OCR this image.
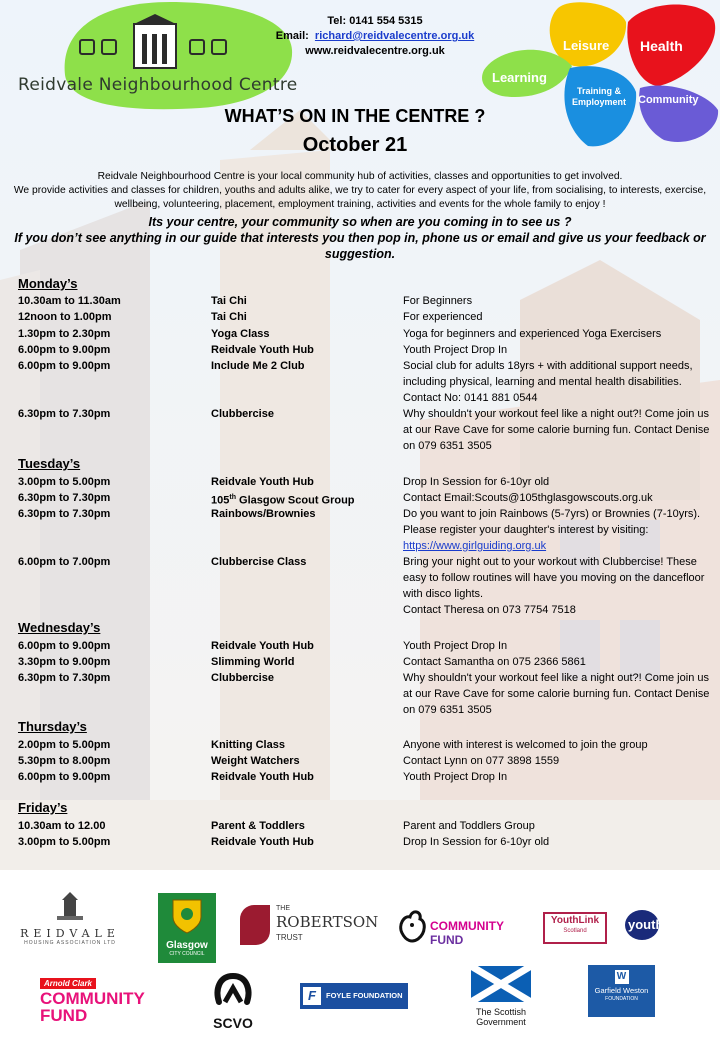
Reidvale Neighbourhood Centre
Tel: 0141 554 5315
Email: richard@reidvalecentre.org.uk
www.reidvalecentre.org.uk	Leisure Health
Learning
Training & Employment Community
WHAT’S ON IN THE CENTRE ?
October 21
Reidvale Neighbourhood Centre is your local community hub of activities, classes and opportunities to get involved.
We provide activities and classes for children, youths and adults alike, we try to cater for every aspect of your life, from socialising, to interests, exercise, wellbeing, volunteering, placement, employment training, activities and events for the whole family to enjoy !
Its your centre, your community so when are you coming in to see us ?
If you don’t see anything in our guide that interests you then pop in, phone us or email and give us your feedback or suggestion.
Monday’s
10.30am to 11.30am	Tai Chi	For Beginners
12noon to 1.00pm	Tai Chi	For experienced
1.30pm to 2.30pm	Yoga Class	Yoga for beginners and experienced Yoga Exercisers
6.00pm to 9.00pm	Reidvale Youth Hub	Youth Project Drop In
6.00pm to 9.00pm	Include Me 2 Club	Social club for adults 18yrs + with additional support needs, including physical, learning and mental health disabilities. Contact No: 0141 881 0544
6.30pm to 7.30pm	Clubbercise	Why shouldn't your workout feel like a night out?! Come join us at our Rave Cave for some calorie burning fun. Contact Denise on 079 6351 3505
Tuesday’s
3.00pm to 5.00pm	Reidvale Youth Hub	Drop In Session for 6-10yr old
6.30pm to 7.30pm	105th Glasgow Scout Group	Contact Email:Scouts@105thglasgowscouts.org.uk
6.30pm to 7.30pm	Rainbows/Brownies	Do you want to join Rainbows (5-7yrs) or Brownies (7-10yrs). Please register your daughter's interest by visiting: https://www.girlguiding.org.uk
6.00pm to 7.00pm	Clubbercise Class	Bring your night out to your workout with Clubbercise! These easy to follow routines will have you moving on the dancefloor with disco lights.
Contact Theresa on 073 7754 7518
Wednesday’s
6.00pm to 9.00pm	Reidvale Youth Hub	Youth Project Drop In
3.30pm to 9.00pm	Slimming World	Contact Samantha on 075 2366 5861
6.30pm to 7.30pm	Clubbercise	Why shouldn't your workout feel like a night out?! Come join us at our Rave Cave for some calorie burning fun. Contact Denise on 079 6351 3505
Thursday’s
2.00pm to 5.00pm	Knitting Class	Anyone with interest is welcomed to join the group
5.30pm to 8.00pm	Weight Watchers	Contact Lynn on 077 3898 1559
6.00pm to 9.00pm	Reidvale Youth Hub	Youth Project Drop In
Friday’s
10.30am to 12.00	Parent & Toddlers	Parent and Toddlers Group
3.00pm to 5.00pm	Reidvale Youth Hub	Drop In Session for 6-10yr old
REIDVALE
HOUSING ASSOCIATION LTD	Glasgow
CITY COUNCIL
THE
ROBERTSON
TRUST
COMMUNITY
FUND
YouthLink
Scotland	youth
Arnold Clark
COMMUNITY
FUND	SCVO
F	FOYLE FOUNDATION
The Scottish
Government
W
Garfield Weston
FOUNDATION
